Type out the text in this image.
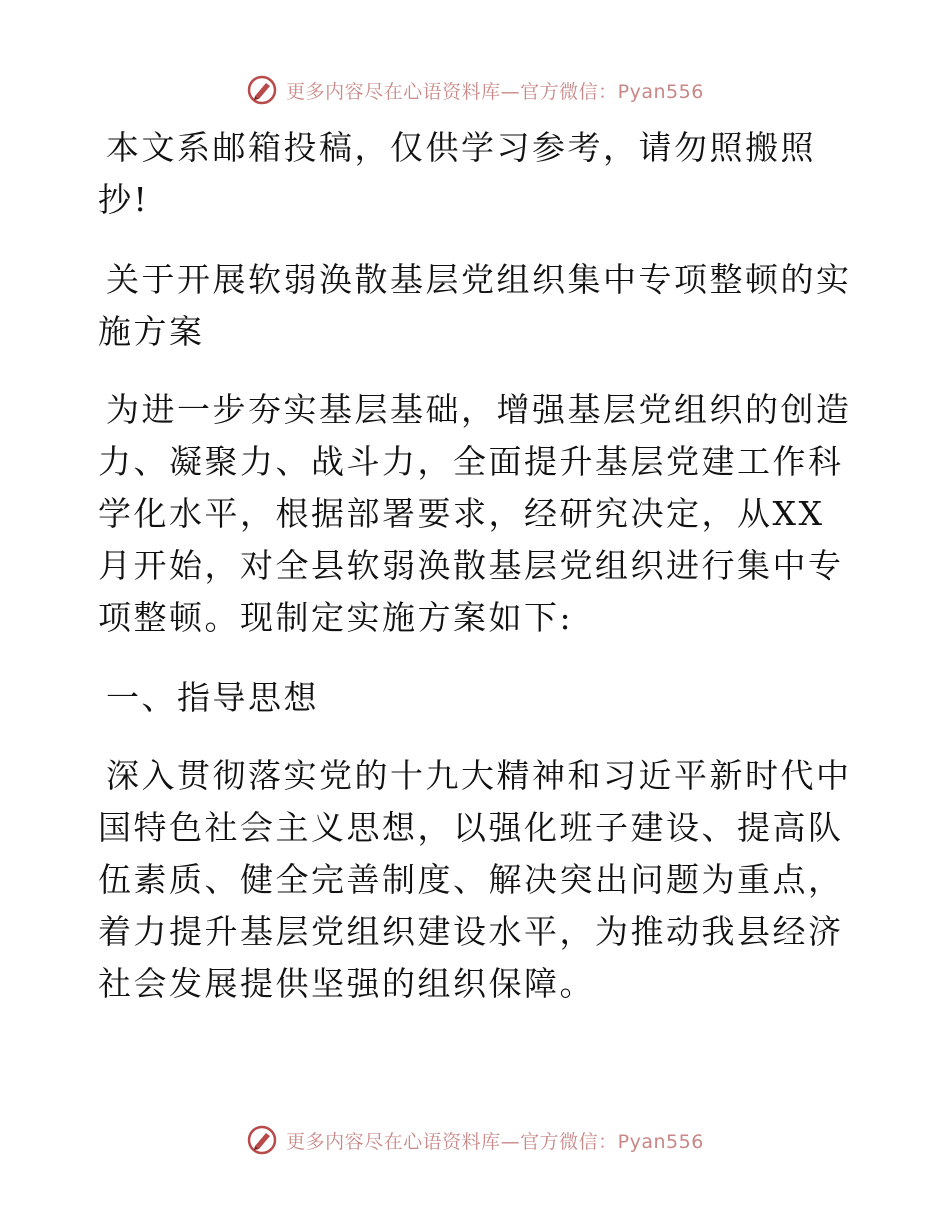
更多内容尽在心语资料库—官方微信：Pyan556

本文系邮箱投稿，仅供学习参考，请勿照搬照抄!

关于开展软弱涣散基层党组织集中专项整顿的实施方案

为进一步夯实基层基础，增强基层党组织的创造力、凝聚力、战斗力，全面提升基层党建工作科学化水平，根据部署要求，经研究决定，从XX月开始，对全县软弱涣散基层党组织进行集中专项整顿。现制定实施方案如下:

一、指导思想

深入贯彻落实党的十九大精神和习近平新时代中国特色社会主义思想，以强化班子建设、提高队伍素质、健全完善制度、解决突出问题为重点，着力提升基层党组织建设水平，为推动我县经济社会发展提供坚强的组织保障。

更多内容尽在心语资料库—官方微信：Pyan556
